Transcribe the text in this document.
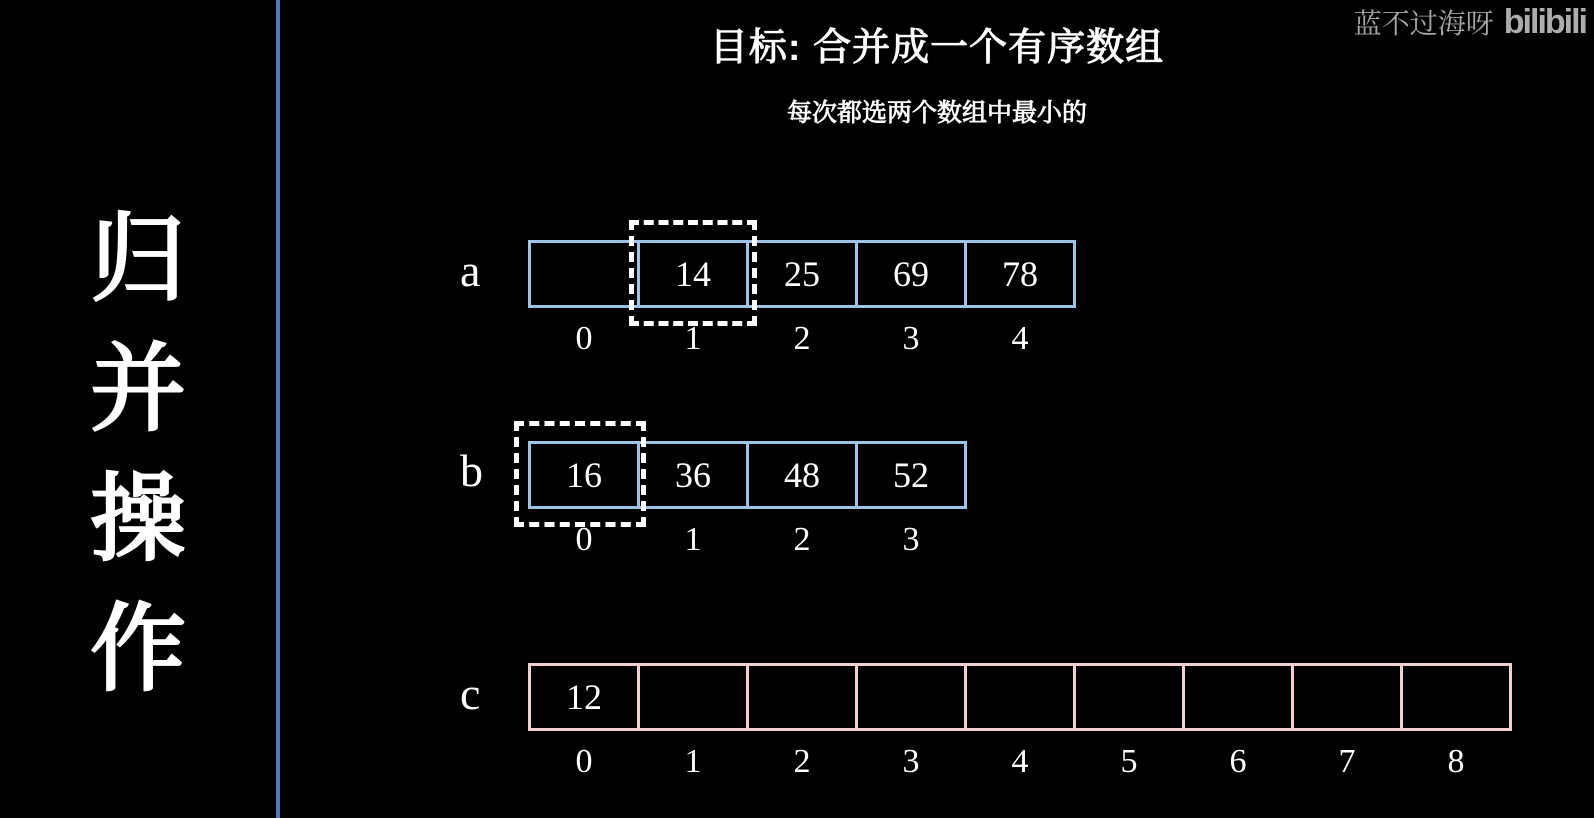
归
并
操
作
目标: 合并成一个有序数组
每次都选两个数组中最小的
蓝不过海呀 bilibili
a	14	25	69	78
0	1	2	3	4
b	16	36	48	52
0	1	2	3
c	12
0	1	2	3	4	5	6	7	8
